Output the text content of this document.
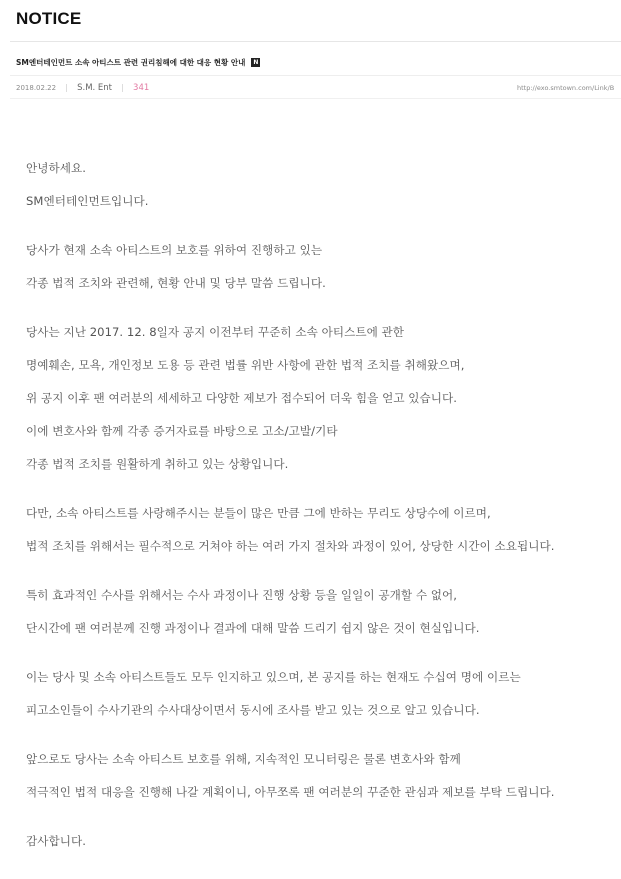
NOTICE
SM엔터테인먼트 소속 아티스트 관련 권리침해에 대한 대응 현황 안내	N
2018.02.22 S.M. Ent 341	http://exo.smtown.com/Link/B
안녕하세요.
SM엔터테인먼트입니다.
당사가 현재 소속 아티스트의 보호를 위하여 진행하고 있는
각종 법적 조치와 관련해, 현황 안내 및 당부 말씀 드립니다.
당사는 지난 2017. 12. 8일자 공지 이전부터 꾸준히 소속 아티스트에 관한
명예훼손, 모욕, 개인정보 도용 등 관련 법률 위반 사항에 관한 법적 조치를 취해왔으며,
위 공지 이후 팬 여러분의 세세하고 다양한 제보가 접수되어 더욱 힘을 얻고 있습니다.
이에 변호사와 함께 각종 증거자료를 바탕으로 고소/고발/기타
각종 법적 조치를 원활하게 취하고 있는 상황입니다.
다만, 소속 아티스트를 사랑해주시는 분들이 많은 만큼 그에 반하는 무리도 상당수에 이르며,
법적 조치를 위해서는 필수적으로 거쳐야 하는 여러 가지 절차와 과정이 있어, 상당한 시간이 소요됩니다.
특히 효과적인 수사를 위해서는 수사 과정이나 진행 상황 등을 일일이 공개할 수 없어,
단시간에 팬 여러분께 진행 과정이나 결과에 대해 말씀 드리기 쉽지 않은 것이 현실입니다.
이는 당사 및 소속 아티스트들도 모두 인지하고 있으며, 본 공지를 하는 현재도 수십여 명에 이르는
피고소인들이 수사기관의 수사대상이면서 동시에 조사를 받고 있는 것으로 알고 있습니다.
앞으로도 당사는 소속 아티스트 보호를 위해, 지속적인 모니터링은 물론 변호사와 함께
적극적인 법적 대응을 진행해 나갈 계획이니, 아무쪼록 팬 여러분의 꾸준한 관심과 제보를 부탁 드립니다.
감사합니다.
